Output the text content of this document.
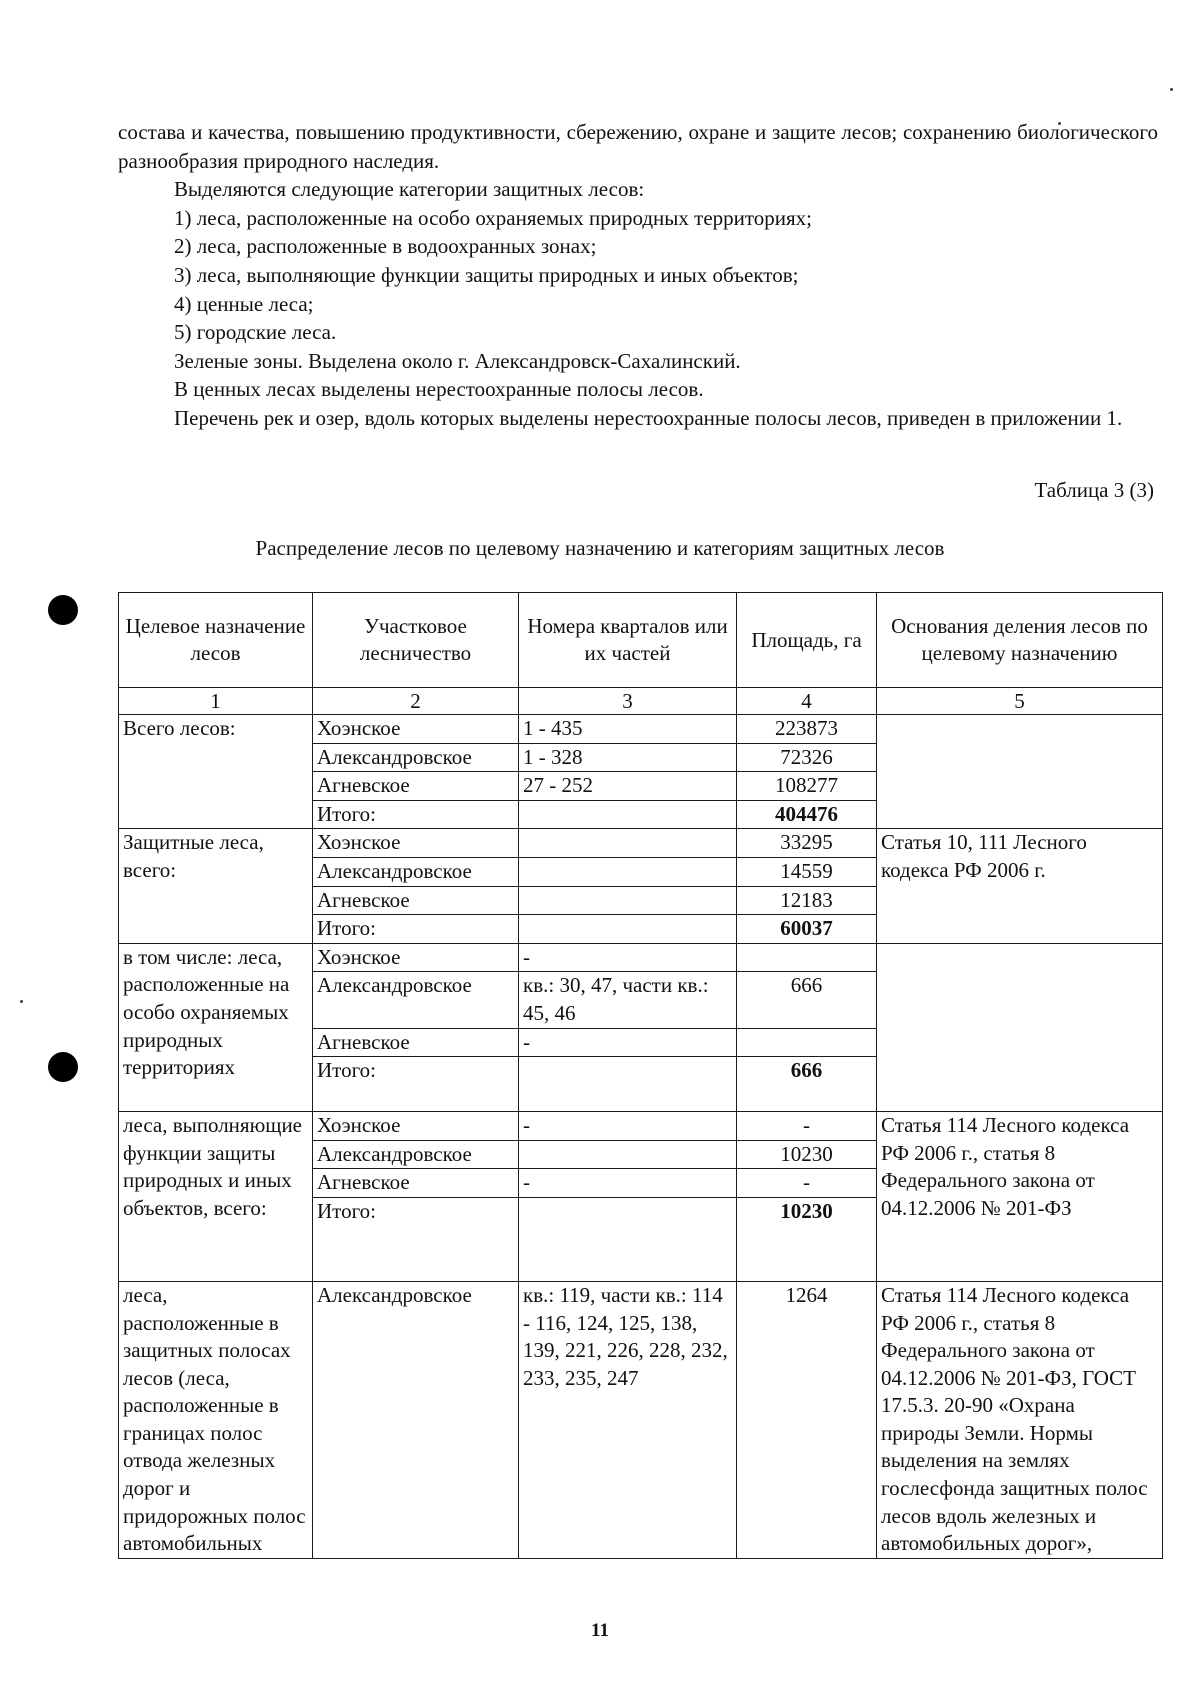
состава и качества, повышению продуктивности, сбережению, охране и защите лесов; сохранению биологического разнообразия природного наследия.

Выделяются следующие категории защитных лесов:

1) леса, расположенные на особо охраняемых природных территориях;

2) леса, расположенные в водоохранных зонах;

3) леса, выполняющие функции защиты природных и иных объектов;

4) ценные леса;

5) городские леса.

Зеленые зоны. Выделена около г. Александровск-Сахалинский.

В ценных лесах выделены нерестоохранные полосы лесов.

Перечень рек и озер, вдоль которых выделены нерестоохранные полосы лесов, приведен в приложении 1.

Таблица 3 (3)
Распределение лесов по целевому назначению и категориям защитных лесов
Целевое назначение лесов	Участковое лесничество	Номера кварталов или их частей	Площадь, га	Основания деления лесов по целевому назначению
1	2	3	4	5
Всего лесов:	Хоэнское	1 - 435	223873	
	Александровское	1 - 328	72326	
	Агневское	27 - 252	108277	
	Итого:		404476	
Защитные леса, всего:	Хоэнское		33295	Статья 10, 111 Лесного кодекса РФ 2006 г.
	Александровское		14559	
	Агневское		12183	
	Итого:		60037	
в том числе: леса, расположенные на особо охраняемых природных территориях	Хоэнское	-		
	Александровское	кв.: 30, 47, части кв.: 45, 46	666	
	Агневское	-		
	Итого:		666	
леса, выполняющие функции защиты природных и иных объектов, всего:	Хоэнское	-	-	Статья 114 Лесного кодекса РФ 2006 г., статья 8 Федерального закона от 04.12.2006 № 201-ФЗ
	Александровское		10230	
	Агневское	-	-	
	Итого:		10230	
леса, расположенные в защитных полосах лесов (леса, расположенные в границах полос отвода железных дорог и придорожных полос автомобильных	Александровское	кв.: 119, части кв.: 114 - 116, 124, 125, 138, 139, 221, 226, 228, 232, 233, 235, 247	1264	Статья 114 Лесного кодекса РФ 2006 г., статья 8 Федерального закона от 04.12.2006 № 201-ФЗ, ГОСТ 17.5.3. 20-90 «Охрана природы Земли. Нормы выделения на землях гослесфонда защитных полос лесов вдоль железных и автомобильных дорог»,
11
